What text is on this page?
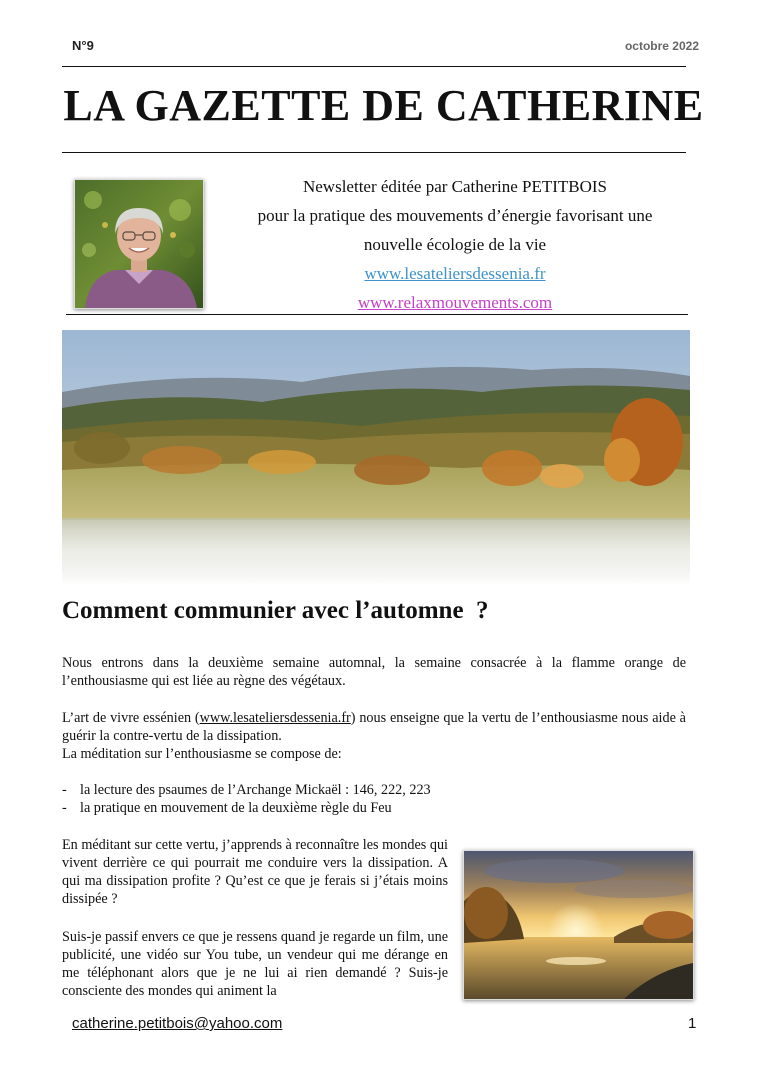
N°9	octobre 2022
LA GAZETTE DE CATHERINE
Newsletter éditée par Catherine PETITBOIS
pour la pratique des mouvements d’énergie favorisant une
nouvelle écologie de la vie
www.lesateliersdessenia.fr
www.relaxmouvements.com
Comment communier avec l’automne  ?
Nous entrons dans la deuxième semaine automnal, la semaine consacrée à la flamme orange de l’enthousiasme qui est liée au règne des végétaux.
L’art de vivre essénien (www.lesateliersdessenia.fr) nous enseigne que la vertu de l’enthousiasme nous aide à guérir la contre-vertu de la dissipation.
La méditation sur l’enthousiasme se compose de:
- la lecture des psaumes de l’Archange Mickaël : 146, 222, 223
- la pratique en mouvement de la deuxième règle du Feu
En méditant sur cette vertu, j’apprends à reconnaître les mondes qui vivent derrière ce qui pourrait me conduire vers la dissipation. A qui ma dissipation profite ? Qu’est ce que je ferais si j’étais moins dissipée ?
Suis-je passif envers ce que je ressens quand je regarde un film, une publicité, une vidéo sur You tube, un vendeur qui me dérange en me téléphonant alors que je ne lui ai rien demandé ? Suis-je consciente des mondes qui animent la
catherine.petitbois@yahoo.com	1
